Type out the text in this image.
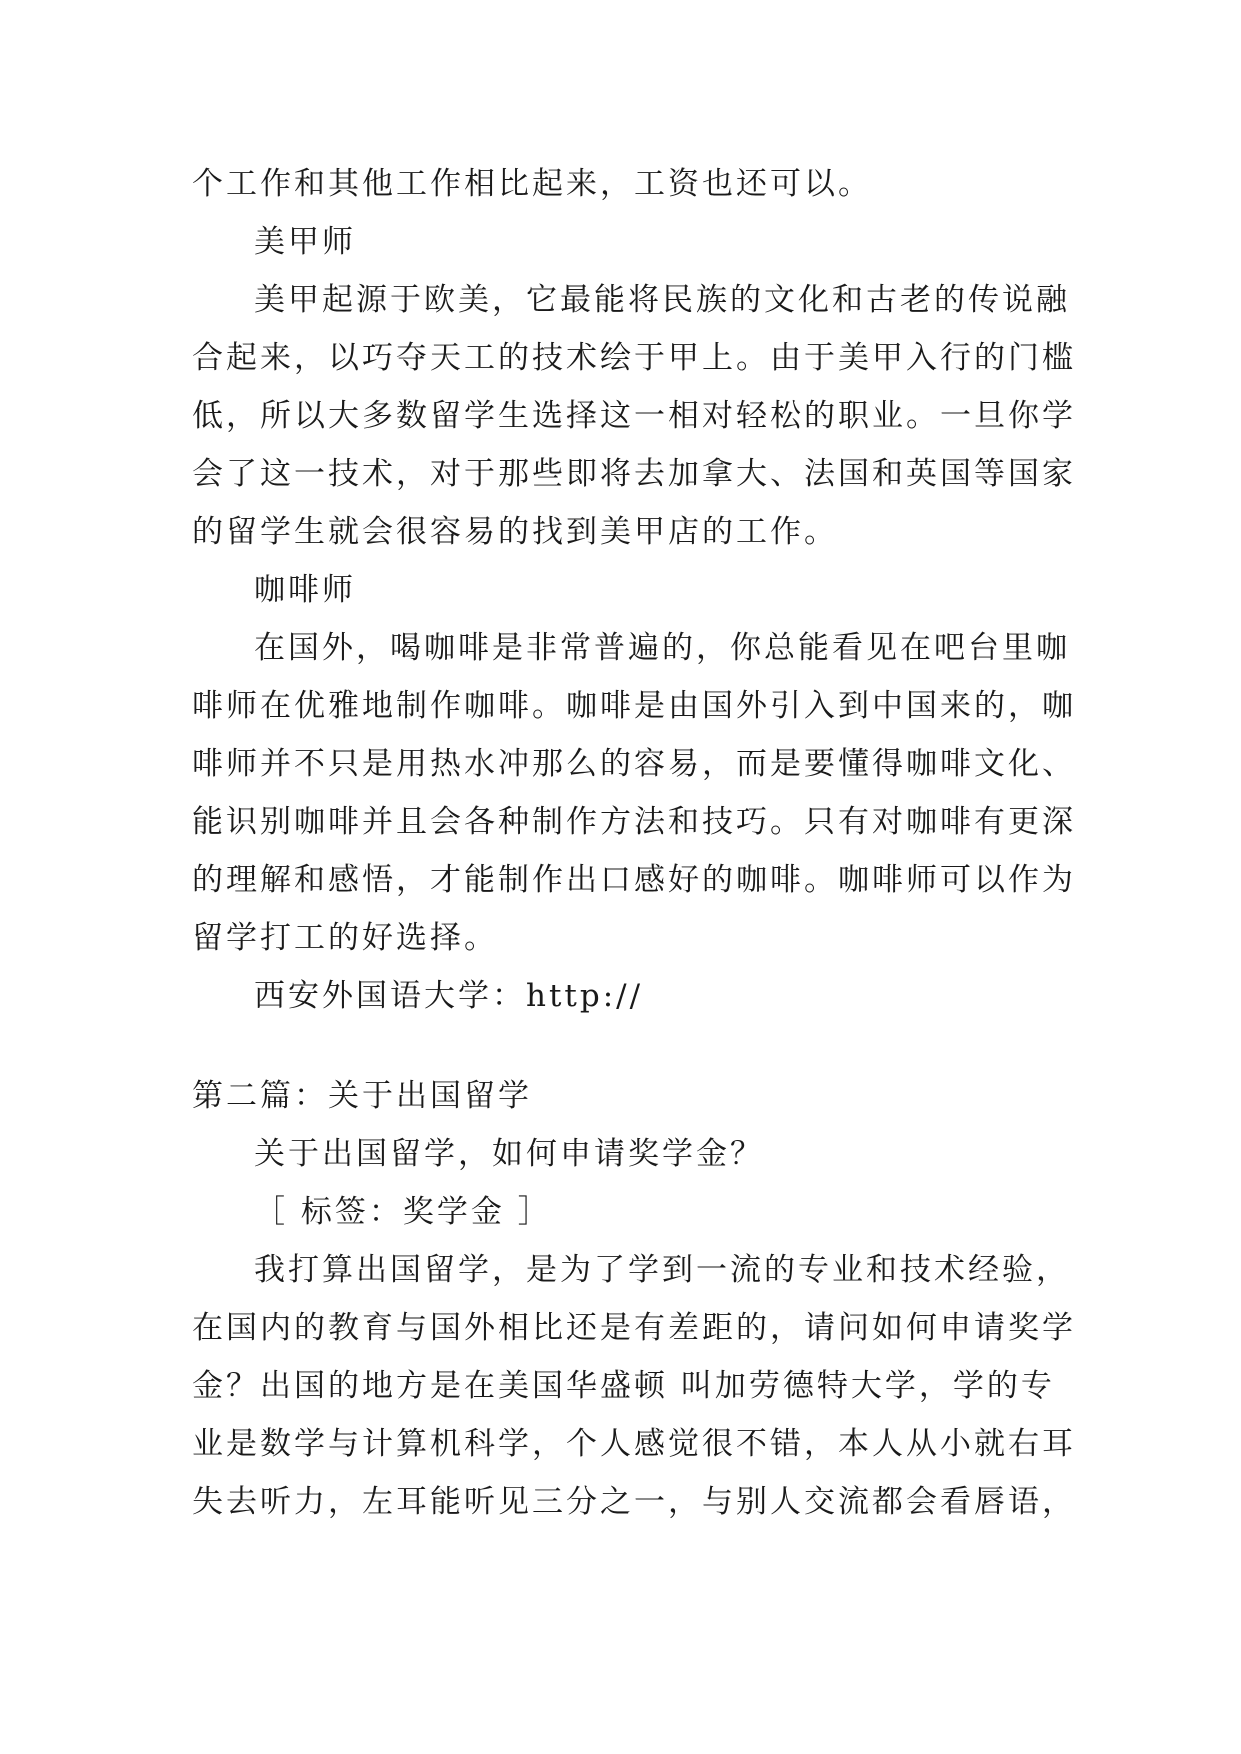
个工作和其他工作相比起来，工资也还可以。
美甲师
美甲起源于欧美，它最能将民族的文化和古老的传说融
合起来，以巧夺天工的技术绘于甲上。由于美甲入行的门槛
低，所以大多数留学生选择这一相对轻松的职业。一旦你学
会了这一技术，对于那些即将去加拿大、法国和英国等国家
的留学生就会很容易的找到美甲店的工作。
咖啡师
在国外，喝咖啡是非常普遍的，你总能看见在吧台里咖
啡师在优雅地制作咖啡。咖啡是由国外引入到中国来的，咖
啡师并不只是用热水冲那么的容易，而是要懂得咖啡文化、
能识别咖啡并且会各种制作方法和技巧。只有对咖啡有更深
的理解和感悟，才能制作出口感好的咖啡。咖啡师可以作为
留学打工的好选择。
西安外国语大学：http://
第二篇：关于出国留学
关于出国留学，如何申请奖学金？
［ 标签：奖学金 ］
我打算出国留学，是为了学到一流的专业和技术经验，
在国内的教育与国外相比还是有差距的，请问如何申请奖学
金？出国的地方是在美国华盛顿 叫加劳德特大学，学的专
业是数学与计算机科学，个人感觉很不错，本人从小就右耳
失去听力，左耳能听见三分之一，与别人交流都会看唇语，
